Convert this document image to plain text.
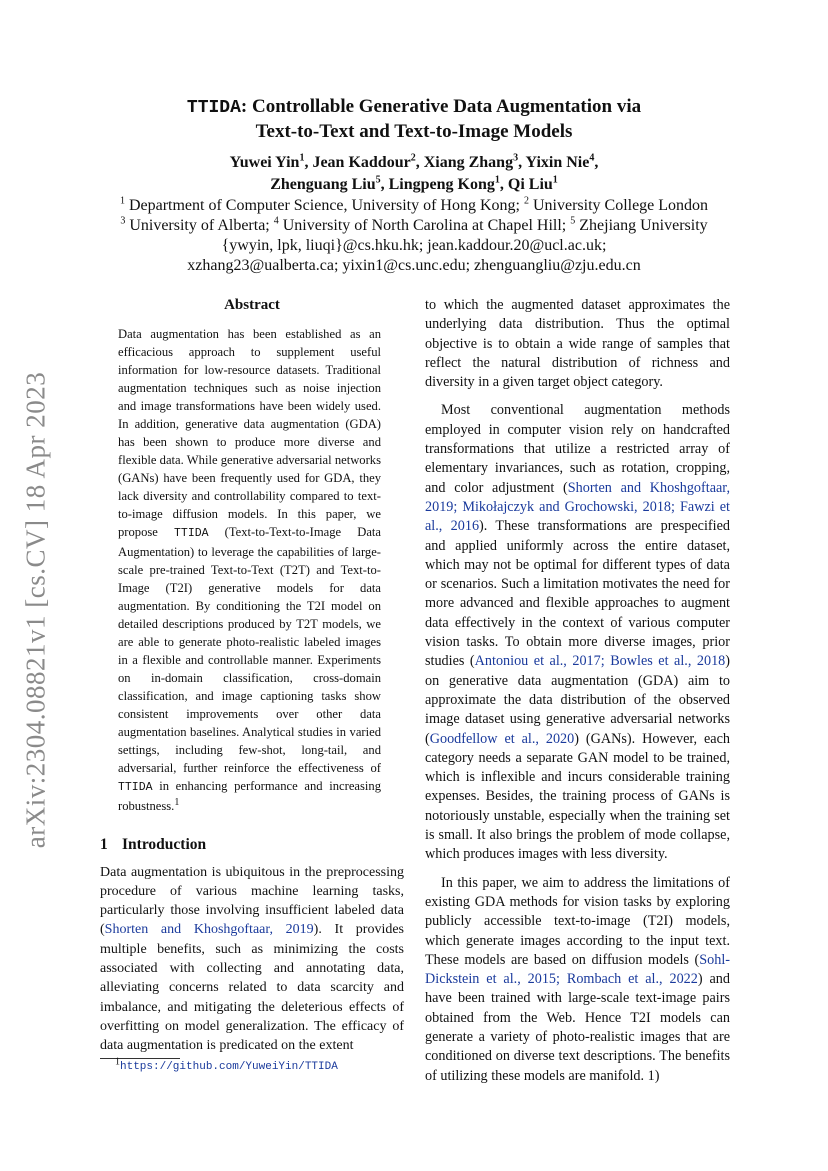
arXiv:2304.08821v1 [cs.CV] 18 Apr 2023
TTIDA: Controllable Generative Data Augmentation via
Text-to-Text and Text-to-Image Models
Yuwei Yin$^1$, Jean Kaddour$^2$, Xiang Zhang$^3$, Yixin Nie$^4$,
Zhenguang Liu$^5$, Lingpeng Kong$^1$, Qi Liu$^1$
$^1$ Department of Computer Science, University of Hong Kong; $^2$ University College London
$^3$ University of Alberta; $^4$ University of North Carolina at Chapel Hill; $^5$ Zhejiang University
{ywyin, lpk, liuqi}@cs.hku.hk; jean.kaddour.20@ucl.ac.uk;
xzhang23@ualberta.ca; yixin1@cs.unc.edu; zhenguangliu@zju.edu.cn
Abstract
Data augmentation has been established as an efficacious approach to supplement useful information for low-resource datasets. Traditional augmentation techniques such as noise injection and image transformations have been widely used. In addition, generative data augmentation (GDA) has been shown to produce more diverse and flexible data. While generative adversarial networks (GANs) have been frequently used for GDA, they lack diversity and controllability compared to text-to-image diffusion models. In this paper, we propose TTIDA (Text-to-Text-to-Image Data Augmentation) to leverage the capabilities of large-scale pre-trained Text-to-Text (T2T) and Text-to-Image (T2I) generative models for data augmentation. By conditioning the T2I model on detailed descriptions produced by T2T models, we are able to generate photo-realistic labeled images in a flexible and controllable manner. Experiments on in-domain classification, cross-domain classification, and image captioning tasks show consistent improvements over other data augmentation baselines. Analytical studies in varied settings, including few-shot, long-tail, and adversarial, further reinforce the effectiveness of TTIDA in enhancing performance and increasing robustness.$^1$
1 Introduction

Data augmentation is ubiquitous in the preprocessing procedure of various machine learning tasks, particularly those involving insufficient labeled data (Shorten and Khoshgoftaar, 2019). It provides multiple benefits, such as minimizing the costs associated with collecting and annotating data, alleviating concerns related to data scarcity and imbalance, and mitigating the deleterious effects of overfitting on model generalization. The efficacy of data augmentation is predicated on the extent

to which the augmented dataset approximates the underlying data distribution. Thus the optimal objective is to obtain a wide range of samples that reflect the natural distribution of richness and diversity in a given target object category.

Most conventional augmentation methods employed in computer vision rely on handcrafted transformations that utilize a restricted array of elementary invariances, such as rotation, cropping, and color adjustment (Shorten and Khoshgoftaar, 2019; Mikołajczyk and Grochowski, 2018; Fawzi et al., 2016). These transformations are prespecified and applied uniformly across the entire dataset, which may not be optimal for different types of data or scenarios. Such a limitation motivates the need for more advanced and flexible approaches to augment data effectively in the context of various computer vision tasks. To obtain more diverse images, prior studies (Antoniou et al., 2017; Bowles et al., 2018) on generative data augmentation (GDA) aim to approximate the data distribution of the observed image dataset using generative adversarial networks (Goodfellow et al., 2020) (GANs). However, each category needs a separate GAN model to be trained, which is inflexible and incurs considerable training expenses. Besides, the training process of GANs is notoriously unstable, especially when the training set is small. It also brings the problem of mode collapse, which produces images with less diversity.

In this paper, we aim to address the limitations of existing GDA methods for vision tasks by exploring publicly accessible text-to-image (T2I) models, which generate images according to the input text. These models are based on diffusion models (Sohl-Dickstein et al., 2015; Rombach et al., 2022) and have been trained with large-scale text-image pairs obtained from the Web. Hence T2I models can generate a variety of photo-realistic images that are conditioned on diverse text descriptions. The benefits of utilizing these models are manifold. 1)

$^1$https://github.com/YuweiYin/TTIDA
